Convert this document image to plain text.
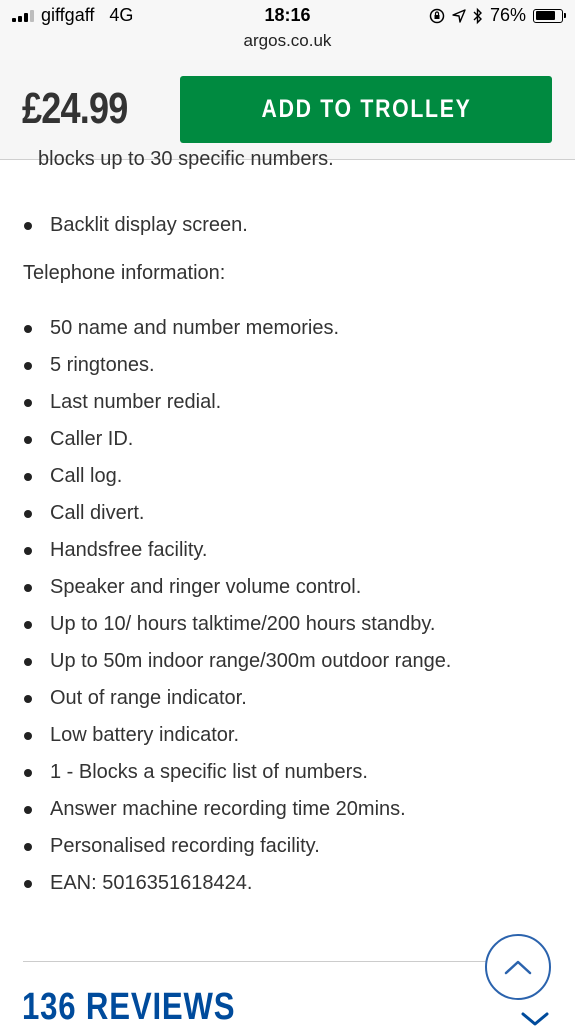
giffgaff 4G	18:16
argos.co.uk
76%
£24.99	ADD TO TROLLEY
blocks up to 30 specific numbers.
Backlit display screen.
Telephone information:
50 name and number memories.
5 ringtones.
Last number redial.
Caller ID.
Call log.
Call divert.
Handsfree facility.
Speaker and ringer volume control.
Up to 10/ hours talktime/200 hours standby.
Up to 50m indoor range/300m outdoor range.
Out of range indicator.
Low battery indicator.
1 - Blocks a specific list of numbers.
Answer machine recording time 20mins.
Personalised recording facility.
EAN: 5016351618424.
136 REVIEWS
